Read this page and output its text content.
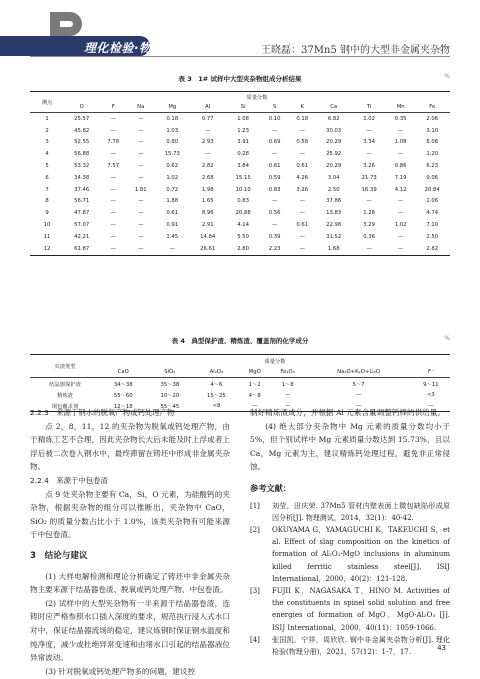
理化检验·物理分册	王晓磊：37Mn5 钢中的大型非金属夹杂物
表 3　1# 试样中大型夹杂物组成分析结果	%
测点	质量分数											
	O	F	Na	Mg	Al	Si	S	K	Ca	Ti	Mn	Fe
1	25.57	—	—	0.18	0.77	1.08	0.10	0.18	6.82	1.02	0.35	2.06
2	45.82	—	—	1.03	—	1.23	—	—	30.03	—	—	3.10
3	52.55	7.78	—	0.80	2.93	3.91	0.69	0.58	20.29	3.34	1.08	6.06
4	56.88	—	—	15.73	—	0.28	—	—	25.92	—	—	1.20
5	53.32	7.57	—	0.62	2.82	3.84	0.61	0.61	20.29	3.26	0.86	6.23
6	34.38	—	—	1.02	2.68	15.15	0.59	4.26	3.04	21.73	7.19	9.06
7	37.46	—	1.81	0.72	1.98	10.10	0.83	3.26	2.50	16.39	4.12	20.84
8	56.71	—	—	1.88	1.65	0.83	—	—	37.86	—	—	1.06
9	47.87	—	—	0.61	8.96	20.88	0.56	—	13.83	1.28	—	4.74
10	57.07	—	—	0.91	2.91	4.14	—	0.61	22.98	3.29	1.02	7.10
11	42.21	—	—	1.45	14.84	5.50	0.39	—	31.52	0.36	—	2.50
12	61.87	—	—	—	26.61	2.80	2.23	—	1.68	—	—	2.82
表 4　典型保护渣、精炼渣、覆盖剂的化学成分	%
夹渣类型	质量分数						
	CaO	SiO₂	Al₂O₃	MgO	Fe₂O₃	Na₂O+K₂O+Li₂O	F⁻
结晶器保护渣	34～38	35～38	4～6	1～2	1～8	5～7	9～11
精炼渣	55～60	10～20	15～25	4～8	—	—	<3
钢包覆盖剂	12～18	55～45	<8	—	—	—	—

2.2.3　来源于钢水的脱氧产物或钙处理产物

点 2，8，11，12 的夹杂物为脱氧或钙处理产物，由于精炼工艺不合理，因此夹杂物长大后未能及时上浮或者上浮后被二次卷入钢水中，最终滞留在铸坯中形成非金属夹杂物。

2.2.4　来源于中包卷渣

点 9 处夹杂物主要有 Ca，Si，O 元素，为硅酸钙的夹杂物，根据夹杂物的组分可以推断出，夹杂物中 CaO，SiO₂ 的质量分数占比小于 1.0%，该类夹杂物有可能来源于中包卷渣。

3　结论与建议

(1) 大样电解检测和理论分析确定了铸坯中非金属夹杂物主要来源于结晶器卷渣、脱氧或钙处理产物、中包卷渣。

(2) 试样中的大型夹杂物有一半来源于结晶器卷渣，连铸时应严格参照水口插入深度的要求，规范执行浸入式水口对中，保证结晶器流场的稳定，建议炼钢时保证钢水温度和纯净度，减少或杜绝异常变速和由堵水口引起的结晶器液位异常波动。

(3) 针对脱氧或钙处理产物多的问题，建议控

制好精炼渣成分，并根据 Al 元素含量调整钙棒的供给量。

(4) 绝大部分夹杂物中 Mg 元素的质量分数均小于 5%，但个别试样中 Mg 元素质量分数达到 15.73%，且以 Ca，Mg 元素为主，建议精炼钙处理过程，避免非正常侵蚀。

参考文献：
[1]	刘莹，田庆荣. 37Mn5 管材内壁表面上微包缺陷形成原因分析[J]. 物理测试，2014，32(1)：40-42.
[2]	OKUYAMA G，YAMAGUCHI K，TAKEUCHI S，et al. Effect of slag composition on the kinetics of formation of Al₂O₃·MgO inclusions in aluminum killed ferritic stainless steel[J]. ISIJ International，2000，40(2)：121-128.
[3]	FUJII K，NAGASAKA T，HINO M. Activities of the constituents in spinel solid solution and free energies of formation of MgO，MgO·Al₂O₃ [J]. ISIJ International，2000，40(11)：1059-1066.
[4]	张国凯，宁祥，周欣欣. 钢中非金属夹杂物分析[J]. 理化检验(物理分册)，2021，57(12)：1-7，17.	43
